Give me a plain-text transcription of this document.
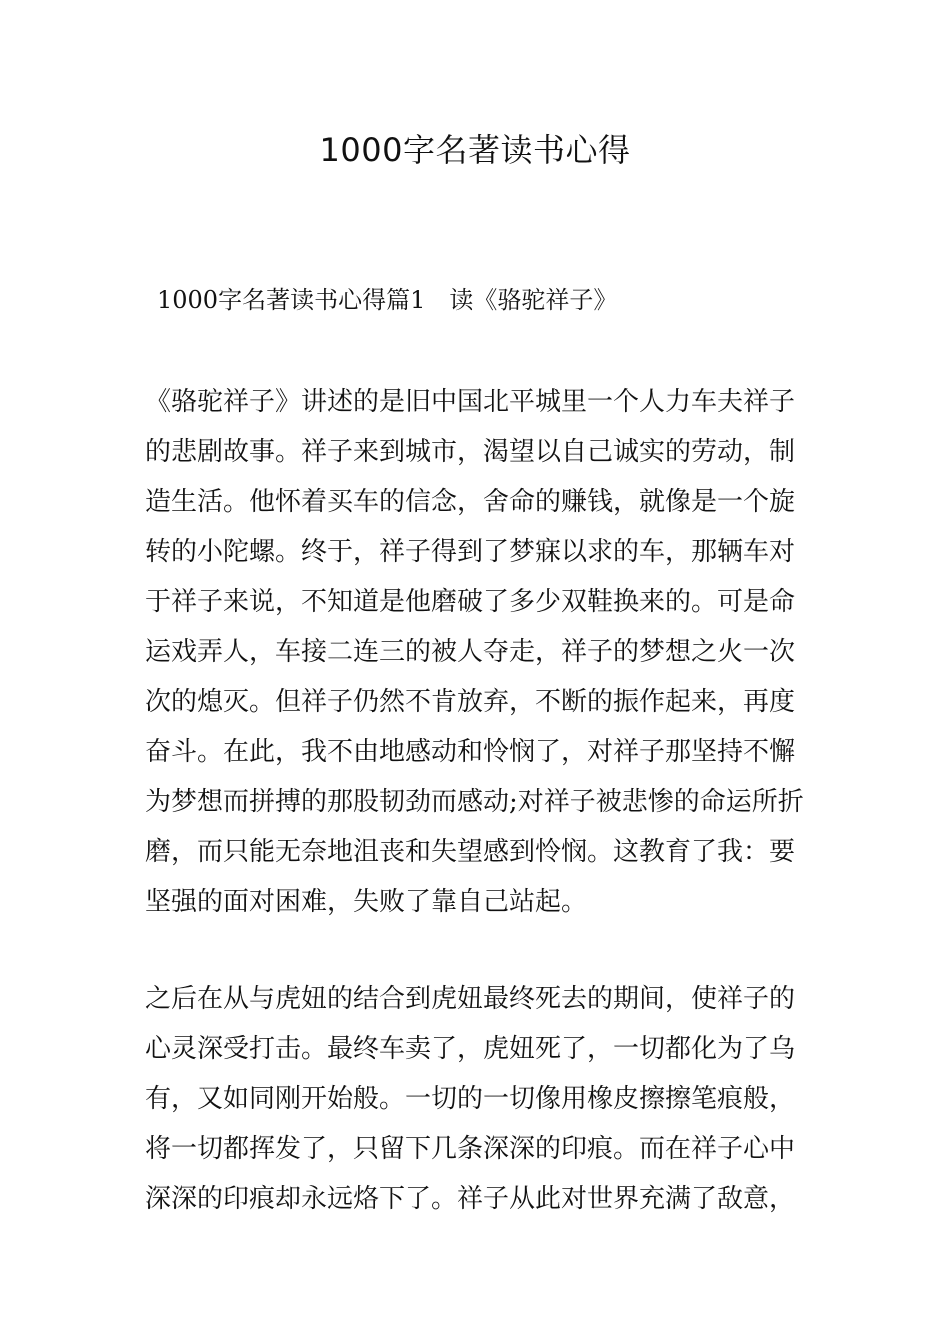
1000字名著读书心得
1000字名著读书心得篇1　读《骆驼祥子》
《骆驼祥子》讲述的是旧中国北平城里一个人力车夫祥子
的悲剧故事。祥子来到城市，渴望以自己诚实的劳动，制
造生活。他怀着买车的信念，舍命的赚钱，就像是一个旋
转的小陀螺。终于，祥子得到了梦寐以求的车，那辆车对
于祥子来说，不知道是他磨破了多少双鞋换来的。可是命
运戏弄人，车接二连三的被人夺走，祥子的梦想之火一次
次的熄灭。但祥子仍然不肯放弃，不断的振作起来，再度
奋斗。在此，我不由地感动和怜悯了，对祥子那坚持不懈
为梦想而拼搏的那股韧劲而感动;对祥子被悲惨的命运所折
磨，而只能无奈地沮丧和失望感到怜悯。这教育了我：要
坚强的面对困难，失败了靠自己站起。
之后在从与虎妞的结合到虎妞最终死去的期间，使祥子的
心灵深受打击。最终车卖了，虎妞死了，一切都化为了乌
有，又如同刚开始般。一切的一切像用橡皮擦擦笔痕般，
将一切都挥发了，只留下几条深深的印痕。而在祥子心中
深深的印痕却永远烙下了。祥子从此对世界充满了敌意，
